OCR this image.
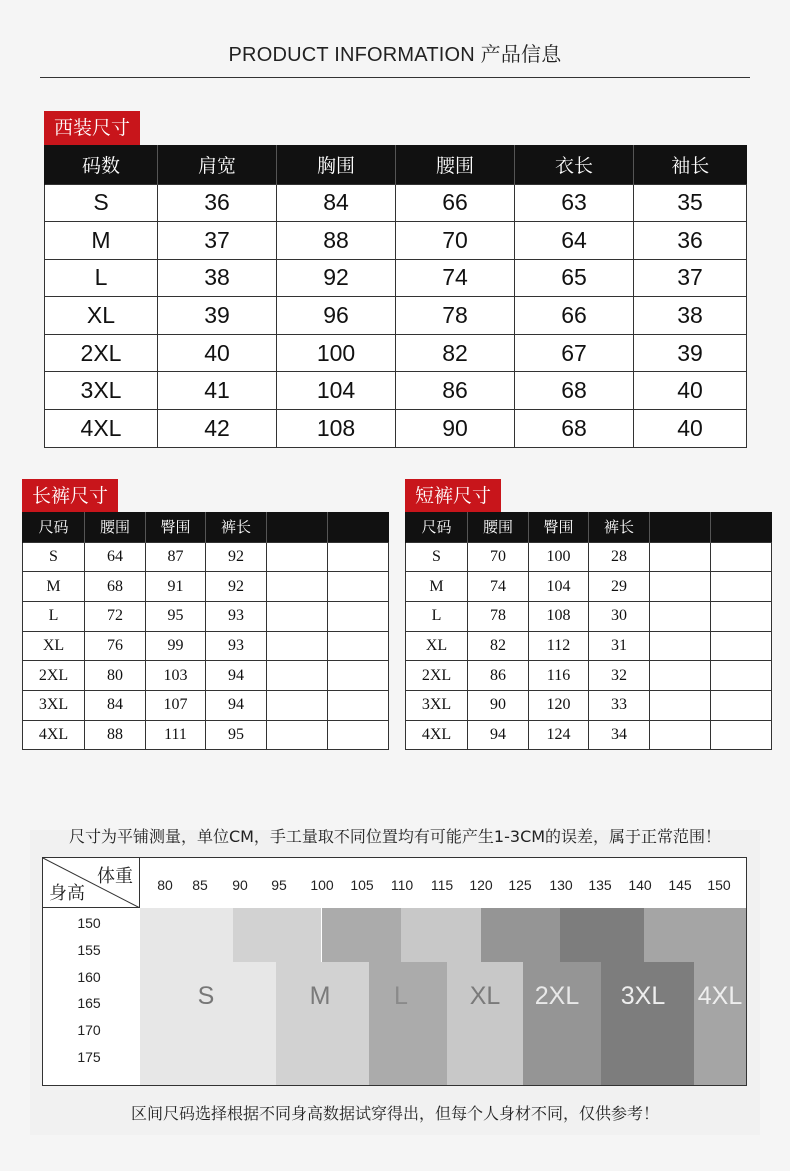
PRODUCT INFORMATION 产品信息
西装尺寸
码数	肩宽	胸围	腰围	衣长	袖长
S	36	84	66	63	35
M	37	88	70	64	36
L	38	92	74	65	37
XL	39	96	78	66	38
2XL	40	100	82	67	39
3XL	41	104	86	68	40
4XL	42	108	90	68	40
长裤尺寸
尺码	腰围	臀围	裤长		
S	64	87	92		
M	68	91	92		
L	72	95	93		
XL	76	99	93		
2XL	80	103	94		
3XL	84	107	94		
4XL	88	111	95		
短裤尺寸
尺码	腰围	臀围	裤长		
S	70	100	28		
M	74	104	29		
L	78	108	30		
XL	82	112	31		
2XL	86	116	32		
3XL	90	120	33		
4XL	94	124	34		
尺寸为平铺测量，单位CM，手工量取不同位置均有可能产生1-3CM的误差，属于正常范围！
体重
身高	80	85	90	95	100	105	110	115	120	125	130	135	140	145	150
150
155
160
165
170
175
S	M	L	XL	2XL	3XL	4XL
区间尺码选择根据不同身高数据试穿得出，但每个人身材不同，仅供参考！
